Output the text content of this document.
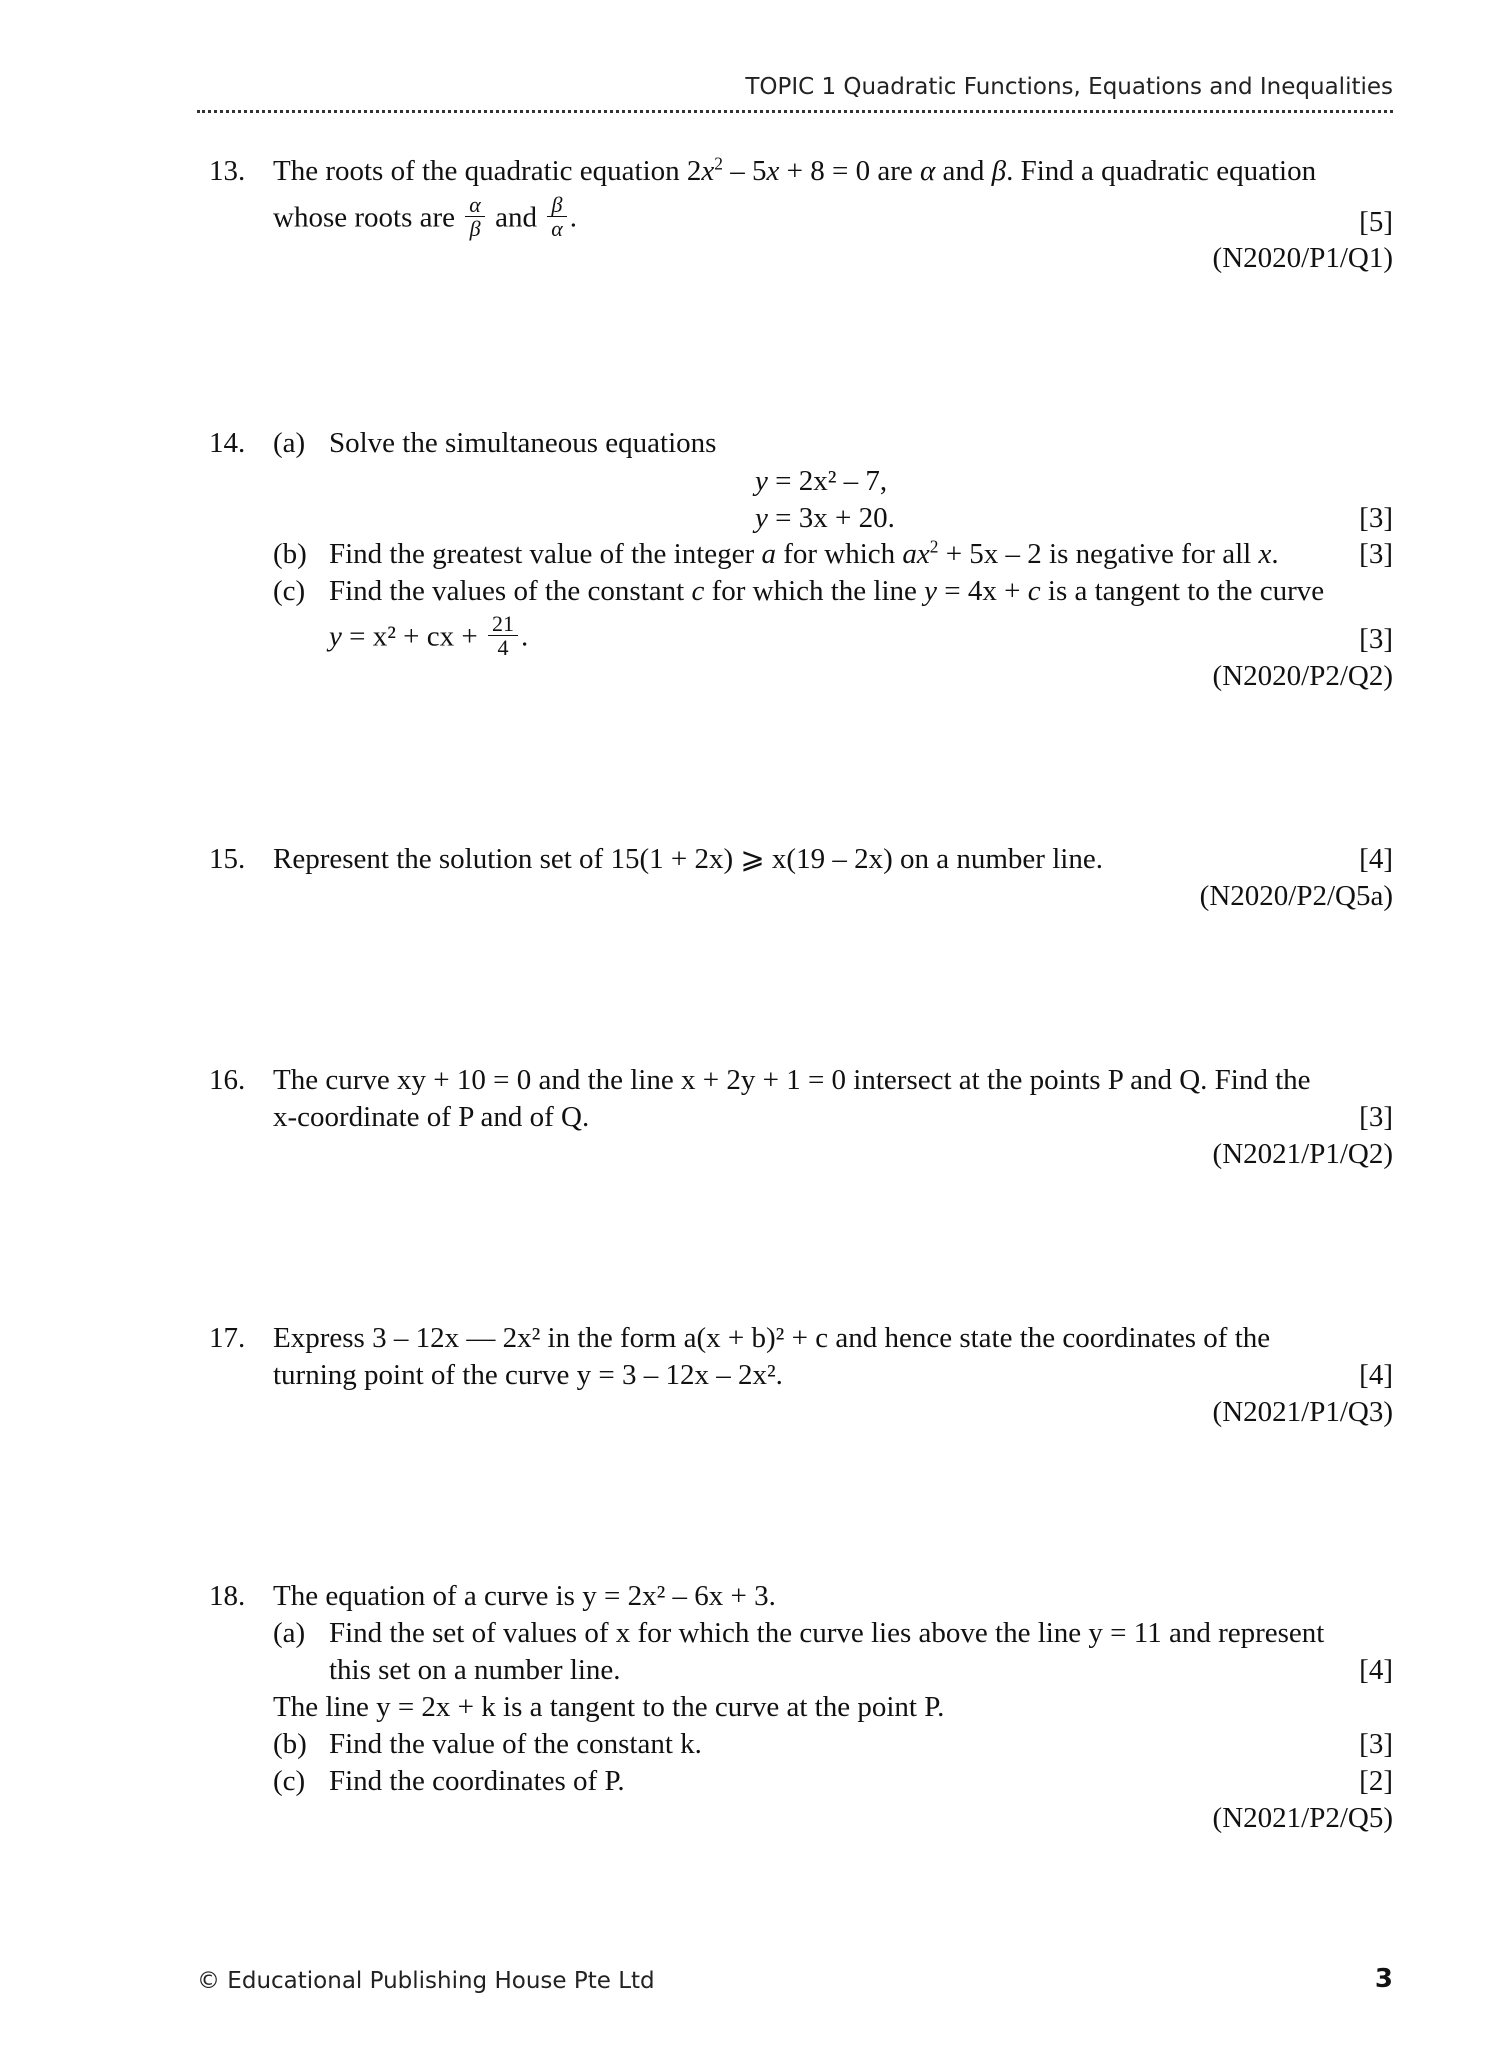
TOPIC 1 Quadratic Functions, Equations and Inequalities
13. The roots of the quadratic equation $2x^2 - 5x + 8 = 0$ are α and β. Find a quadratic equation
whose roots are $\frac{\alpha}{\beta}$ and $\frac{\beta}{\alpha}$ .	[5]
(N2020/P1/Q1)
14. (a) Solve the simultaneous equations
y = 2x² – 7,
y = 3x + 20.	[3]
(b) Find the greatest value of the integer a for which $ax^2 + 5x - 2$ is negative for all x.	[3]
(c) Find the values of the constant c for which the line y = 4x + c is a tangent to the curve
y = x² + cx + $\frac{21}{4}$ .	[3]
(N2020/P2/Q2)
15. Represent the solution set of 15(1 + 2x) ⩾ x(19 – 2x) on a number line.	[4]
(N2020/P2/Q5a)
16. The curve xy + 10 = 0 and the line x + 2y + 1 = 0 intersect at the points P and Q. Find the
x-coordinate of P and of Q.	[3]
(N2021/P1/Q2)
17. Express 3 – 12x — 2x² in the form a(x + b)² + c and hence state the coordinates of the
turning point of the curve y = 3 – 12x – 2x².	[4]
(N2021/P1/Q3)
18. The equation of a curve is y = 2x² – 6x + 3.
(a) Find the set of values of x for which the curve lies above the line y = 11 and represent
this set on a number line.	[4]
The line y = 2x + k is a tangent to the curve at the point P.
(b) Find the value of the constant k.	[3]
(c) Find the coordinates of P.	[2]
(N2021/P2/Q5)
© Educational Publishing House Pte Ltd	3
